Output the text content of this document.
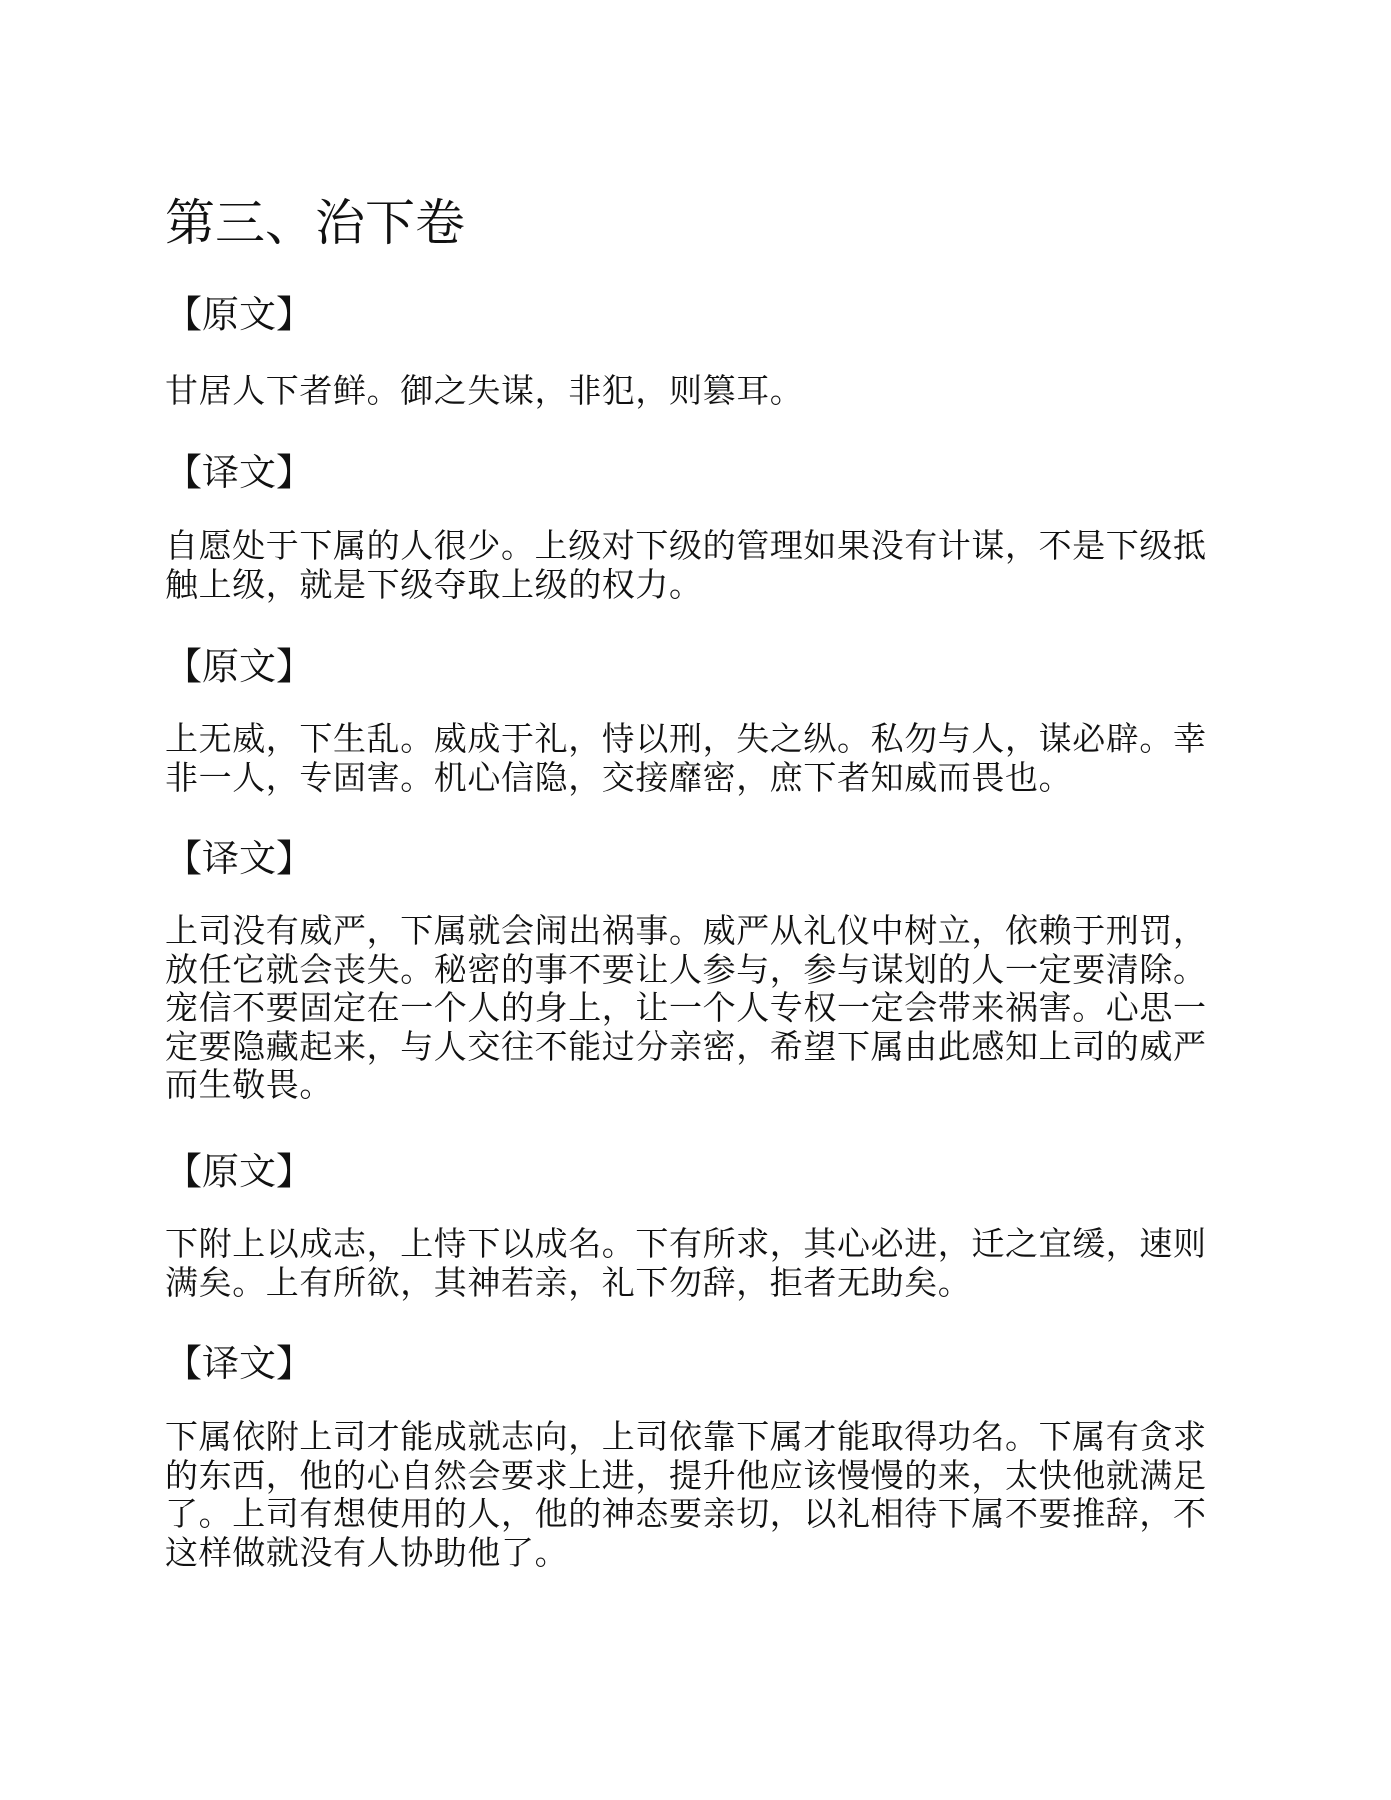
第三、治下卷
【原文】

甘居人下者鲜。御之失谋，非犯，则篡耳。

【译文】

自愿处于下属的人很少。上级对下级的管理如果没有计谋，不是下级抵触上级，就是下级夺取上级的权力。

【原文】

上无威，下生乱。威成于礼，恃以刑，失之纵。私勿与人，谋必辟。幸非一人，专固害。机心信隐，交接靡密，庶下者知威而畏也。

【译文】

上司没有威严，下属就会闹出祸事。威严从礼仪中树立，依赖于刑罚，放任它就会丧失。秘密的事不要让人参与，参与谋划的人一定要清除。宠信不要固定在一个人的身上，让一个人专权一定会带来祸害。心思一定要隐藏起来，与人交往不能过分亲密，希望下属由此感知上司的威严而生敬畏。

【原文】

下附上以成志，上恃下以成名。下有所求，其心必进，迁之宜缓，速则满矣。上有所欲，其神若亲，礼下勿辞，拒者无助矣。

【译文】

下属依附上司才能成就志向，上司依靠下属才能取得功名。下属有贪求的东西，他的心自然会要求上进，提升他应该慢慢的来，太快他就满足了。上司有想使用的人，他的神态要亲切，以礼相待下属不要推辞，不这样做就没有人协助他了。
